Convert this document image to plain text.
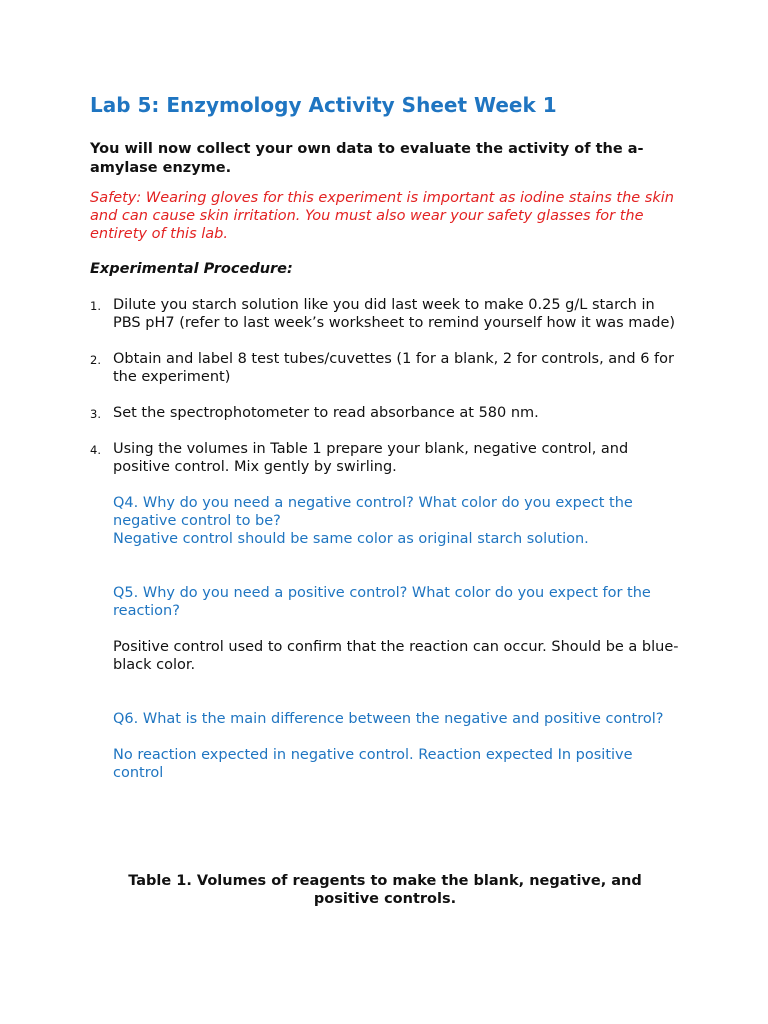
Lab 5: Enzymology Activity Sheet Week 1
You will now collect your own data to evaluate the activity of the a-amylase enzyme.
Safety: Wearing gloves for this experiment is important as iodine stains the skin and can cause skin irritation. You must also wear your safety glasses for the entirety of this lab.
Experimental Procedure:
1. Dilute you starch solution like you did last week to make 0.25 g/L starch in PBS pH7 (refer to last week’s worksheet to remind yourself how it was made)
2. Obtain and label 8 test tubes/cuvettes (1 for a blank, 2 for controls, and 6 for the experiment)
3. Set the spectrophotometer to read absorbance at 580 nm.
4. Using the volumes in Table 1 prepare your blank, negative control, and positive control. Mix gently by swirling.
Q4. Why do you need a negative control? What color do you expect the negative control to be?
Negative control should be same color as original starch solution.
Q5. Why do you need a positive control? What color do you expect for the reaction?
Positive control used to confirm that the reaction can occur. Should be a blue-black color.
Q6. What is the main difference between the negative and positive control?
No reaction expected in negative control. Reaction expected In positive control
Table 1. Volumes of reagents to make the blank, negative, and positive controls.
